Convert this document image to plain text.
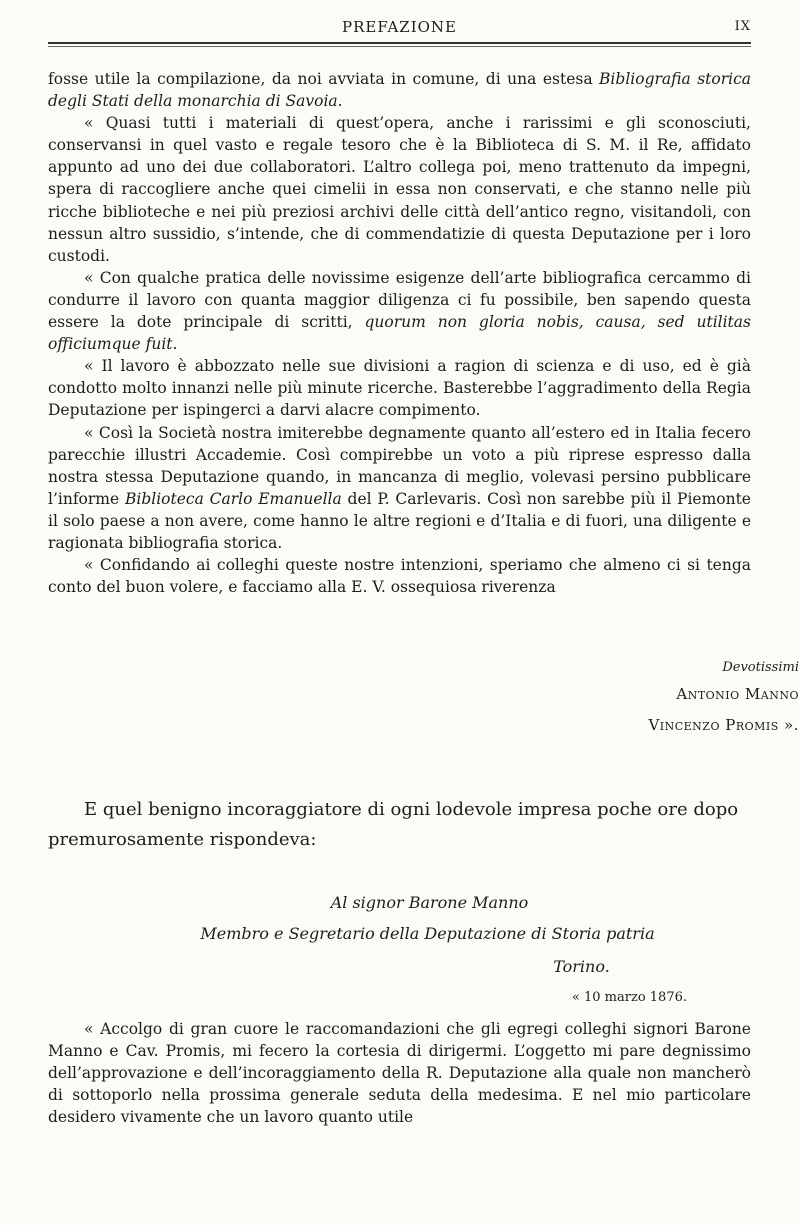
PREFAZIONE	IX

fosse utile la compilazione, da noi avviata in comune, di una estesa Bibliografia storica degli Stati della monarchia di Savoia.

« Quasi tutti i materiali di quest’opera, anche i rarissimi e gli sconosciuti, conservansi in quel vasto e regale tesoro che è la Biblioteca di S. M. il Re, affidato appunto ad uno dei due collaboratori. L’altro collega poi, meno trattenuto da impegni, spera di raccogliere anche quei cimelii in essa non conservati, e che stanno nelle più ricche biblioteche e nei più preziosi archivi delle città dell’antico regno, visitandoli, con nessun altro sussidio, s’intende, che di commendatizie di questa Deputazione per i loro custodi.

« Con qualche pratica delle novissime esigenze dell’arte bibliografica cercammo di condurre il lavoro con quanta maggior diligenza ci fu possibile, ben sapendo questa essere la dote principale di scritti, quorum non gloria nobis, causa, sed utilitas officiumque fuit.

« Il lavoro è abbozzato nelle sue divisioni a ragion di scienza e di uso, ed è già condotto molto innanzi nelle più minute ricerche. Basterebbe l’aggradimento della Regia Deputazione per ispingerci a darvi alacre compimento.

« Così la Società nostra imiterebbe degnamente quanto all’estero ed in Italia fecero parecchie illustri Accademie. Così compirebbe un voto a più riprese espresso dalla nostra stessa Deputazione quando, in mancanza di meglio, volevasi persino pubblicare l’informe Biblioteca Carlo Emanuella del P. Carlevaris. Così non sarebbe più il Piemonte il solo paese a non avere, come hanno le altre regioni e d’Italia e di fuori, una diligente e ragionata bibliografia storica.

« Confidando ai colleghi queste nostre intenzioni, speriamo che almeno ci si tenga conto del buon volere, e facciamo alla E. V. ossequiosa riverenza

Devotissimi
Antonio Manno
Vincenzo Promis ».

E quel benigno incoraggiatore di ogni lodevole impresa poche ore dopo premurosamente rispondeva:

Al signor Barone Manno
Membro e Segretario della Deputazione di Storia patria
Torino.
« 10 marzo 1876.

« Accolgo di gran cuore le raccomandazioni che gli egregi colleghi signori Barone Manno e Cav. Promis, mi fecero la cortesia di dirigermi. L’oggetto mi pare degnissimo dell’approvazione e dell’incoraggiamento della R. Deputazione alla quale non mancherò di sottoporlo nella prossima generale seduta della medesima. E nel mio particolare desidero vivamente che un lavoro quanto utile
